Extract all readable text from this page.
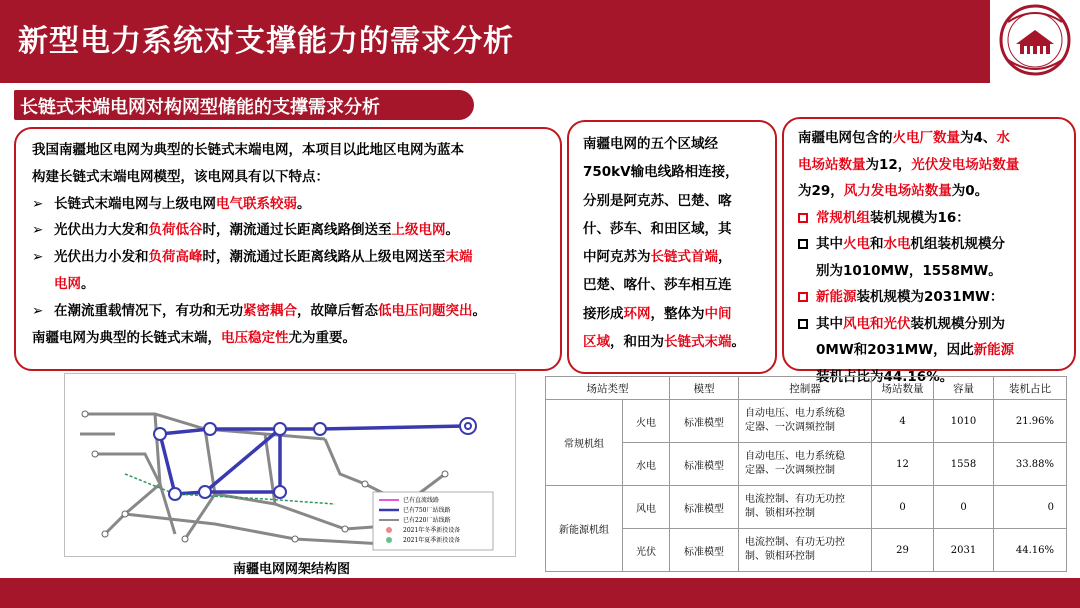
新型电力系统对支撑能力的需求分析
长链式末端电网对构网型储能的支撑需求分析
我国南疆地区电网为典型的长链式末端电网，本项目以此地区电网为蓝本
构建长链式末端电网模型，该电网具有以下特点：
➢ 长链式末端电网与上级电网电气联系较弱。
➢ 光伏出力大发和负荷低谷时，潮流通过长距离线路倒送至上级电网。
➢ 光伏出力小发和负荷高峰时，潮流通过长距离线路从上级电网送至末端
电网。
➢ 在潮流重载情况下，有功和无功紧密耦合，故障后暂态低电压问题突出。
南疆电网为典型的长链式末端，电压稳定性尤为重要。
南疆电网的五个区域经
750kV输电线路相连接，
分别是阿克苏、巴楚、喀
什、莎车、和田区域，其
中阿克苏为长链式首端，
巴楚、喀什、莎车相互连
接形成环网，整体为中间
区域，和田为长链式末端。
南疆电网包含的火电厂数量为4、水
电场站数量为12，光伏发电场站数量
为29，风力发电场站数量为0。
常规机组装机规模为16：
其中火电和水电机组装机规模分
别为1010MW，1558MW。
新能源装机规模为2031MW：
其中风电和光伏装机规模分别为
0MW和2031MW，因此新能源
装机占比为44.16%。
已有直流线路
已有750厂站线路
已有220厂站线路
2021年冬季新投设备
2021年夏季新投设备
南疆电网网架结构图
场站类型		模型	控制器	场站数量	容量	装机占比
常规机组	火电	标准模型	自动电压、电力系统稳
定器、一次调频控制	4	1010	21.96%
	水电	标准模型	自动电压、电力系统稳
定器、一次调频控制	12	1558	33.88%
新能源机组	风电	标准模型	电流控制、有功无功控
制、锁相环控制	0	0	0
	光伏	标准模型	电流控制、有功无功控
制、锁相环控制	29	2031	44.16%
